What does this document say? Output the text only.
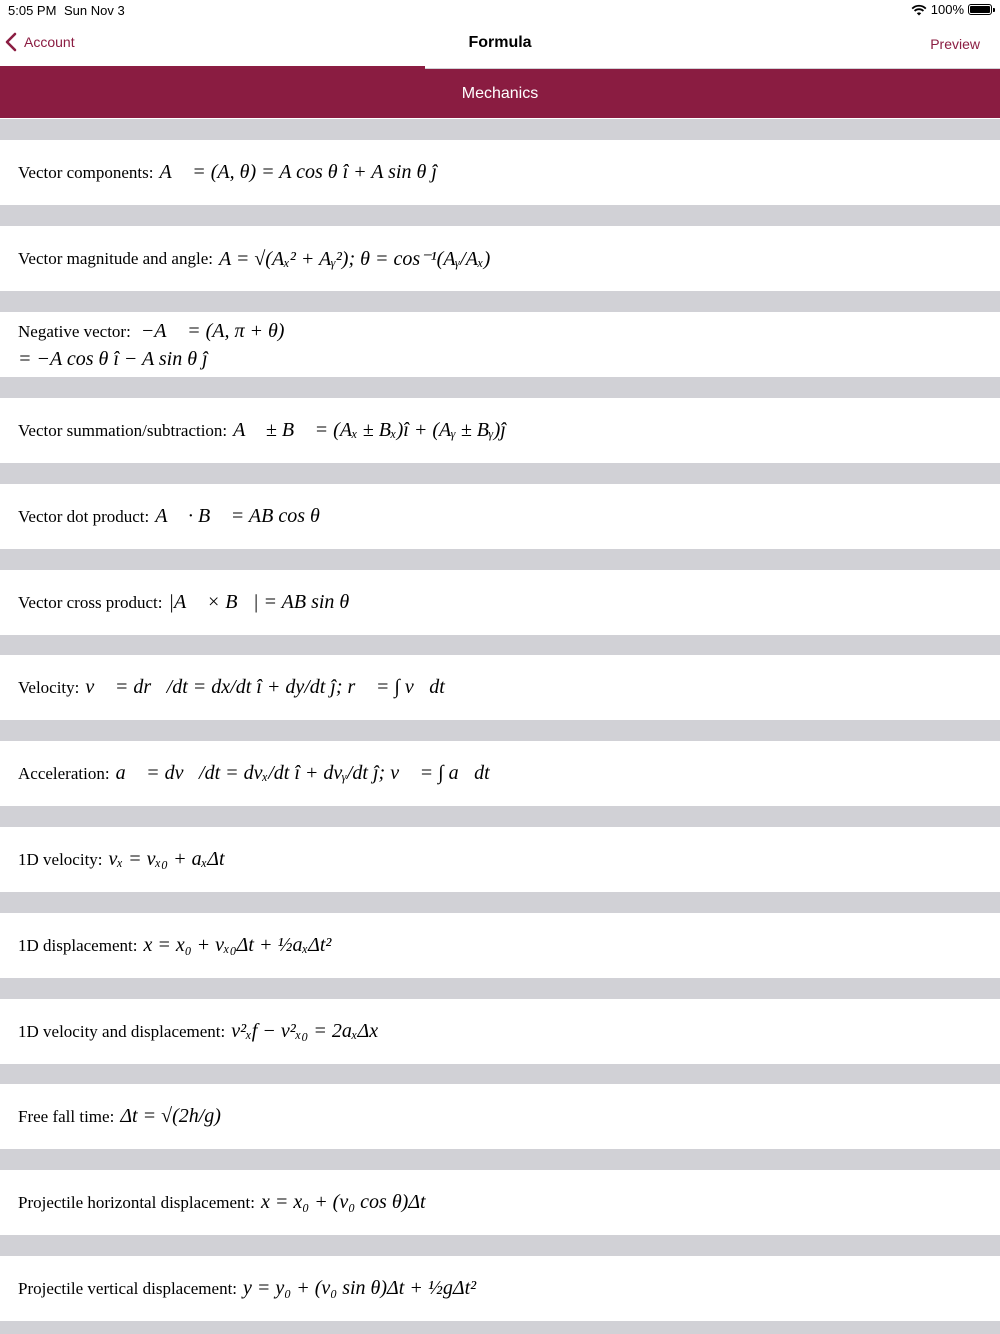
5:05 PM Sun Nov 3	100%
Account	Formula	Preview
Mechanics
Vector components: A⃗ = (A, θ) = A cos θ î + A sin θ ĵ
Vector magnitude and angle: A = √(Aₓ² + Aᵧ²); θ = cos⁻¹(Aᵧ/Aₓ)
Negative vector: −A⃗ = (A, π + θ)
= −A cos θ î − A sin θ ĵ
Vector summation/subtraction: A⃗ ± B⃗ = (Aₓ ± Bₓ)î + (Aᵧ ± Bᵧ)ĵ
Vector dot product: A⃗ · B⃗ = AB cos θ
Vector cross product: |A⃗ × B⃗| = AB sin θ
Velocity: v⃗ = dr⃗/dt = dx/dt î + dy/dt ĵ; r⃗ = ∫ v⃗dt
Acceleration: a⃗ = dv⃗/dt = dvₓ/dt î + dvᵧ/dt ĵ; v⃗ = ∫ a⃗dt
1D velocity: vₓ = vₓ₀ + aₓΔt
1D displacement: x = x₀ + vₓ₀Δt + ½aₓΔt²
1D velocity and displacement: v²ₓf − v²ₓ₀ = 2aₓΔx
Free fall time: Δt = √(2h/g)
Projectile horizontal displacement: x = x₀ + (v₀ cos θ)Δt
Projectile vertical displacement: y = y₀ + (v₀ sin θ)Δt + ½gΔt²
